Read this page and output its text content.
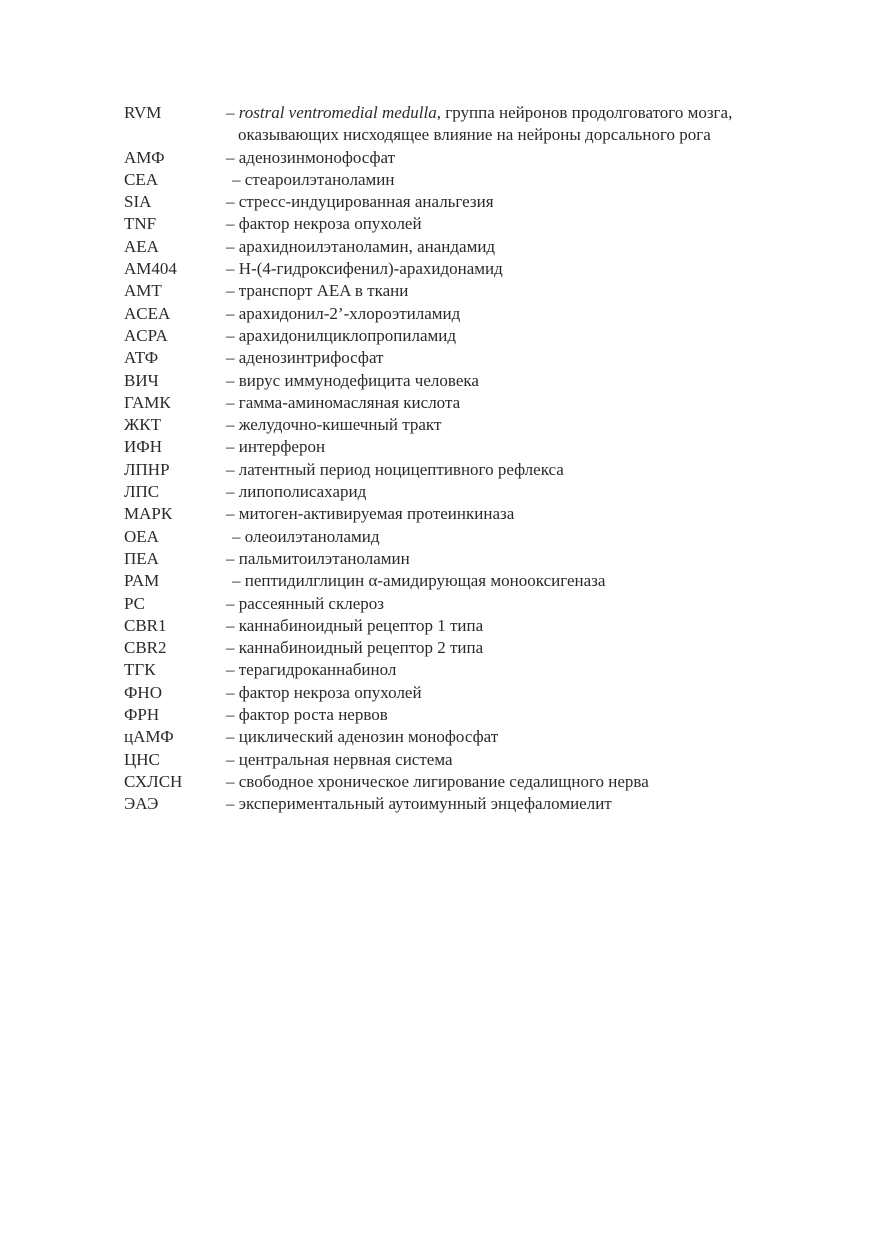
RVM	– rostral ventromedial medulla, группа нейронов продолговатого мозга,
оказывающих нисходящее влияние на нейроны дорсального рога
АМФ	– аденозинмонофосфат
CEA	– стеароилэтаноламин
SIA	– стресс-индуцированная анальгезия
TNF	– фактор некроза опухолей
AEA	– арахидноилэтаноламин, анандамид
AM404	– Н-(4-гидроксифенил)-арахидонамид
AMT	– транспорт AEA в ткани
ACEA	– арахидонил-2’-хлороэтиламид
ACPA	– арахидонилциклопропиламид
АТФ	– аденозинтрифосфат
ВИЧ	– вирус иммунодефицита человека
ГАМК	– гамма-аминомасляная кислота
ЖКТ	– желудочно-кишечный тракт
ИФН	– интерферон
ЛПНР	– латентный период ноцицептивного рефлекса
ЛПС	– липополисахарид
МАРК	– митоген-активируемая протеинкиназа
OEA	– олеоилэтаноламид
ПЕА	– пальмитоилэтаноламин
PAM	– пептидилглицин α-амидирующая монооксигеназа
РС	– рассеянный склероз
CBR1	– каннабиноидный рецептор 1 типа
CBR2	– каннабиноидный рецептор 2 типа
ТГК	– терагидроканнабинол
ФНО	– фактор некроза опухолей
ФРН	– фактор роста нервов
цАМФ	– циклический аденозин монофосфат
ЦНС	– центральная нервная система
СХЛСН	– свободное хроническое лигирование седалищного нерва
ЭАЭ	– экспериментальный аутоимунный энцефаломиелит
